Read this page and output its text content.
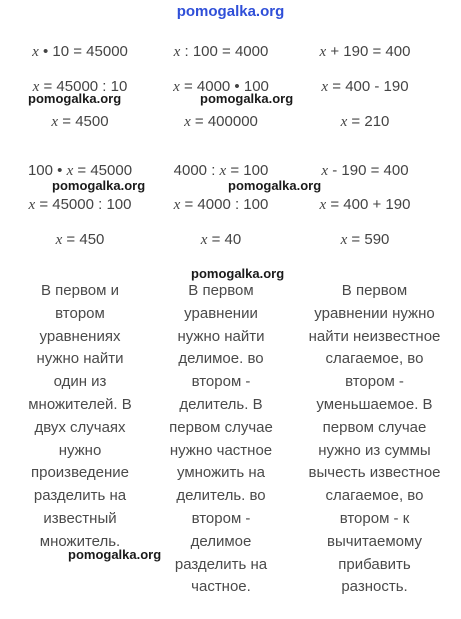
pomogalka.org
x • 10 = 45000	x : 100 = 4000	x + 190 = 400
x = 45000 : 10	x = 4000 • 100	x = 400 - 190
pomogalka.org	pomogalka.org
x = 4500	x = 400000	x = 210
100 • x = 45000	4000 : x = 100	x - 190 = 400
pomogalka.org	pomogalka.org
x = 45000 : 100	x = 4000 : 100	x = 400 + 190
x = 450	x = 40	x = 590
pomogalka.org
В первом и
втором
уравнениях
нужно найти
один из
множителей. В
двух случаях
нужно
произведение
разделить на
известный
множитель.
В первом
уравнении
нужно найти
делимое. во
втором -
делитель. В
первом случае
нужно частное
умножить на
делитель. во
втором -
делимое
разделить на
частное.
В первом
уравнении нужно
найти неизвестное
слагаемое, во
втором -
уменьшаемое. В
первом случае
нужно из суммы
вычесть известное
слагаемое, во
втором - к
вычитаемому
прибавить
разность.
pomogalka.org
